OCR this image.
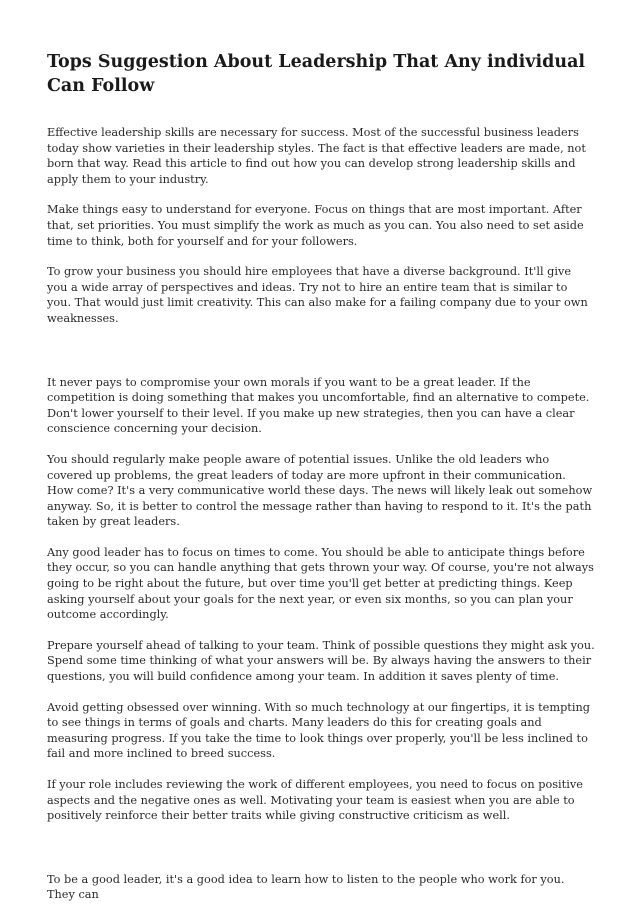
Tops Suggestion About Leadership That Any individual Can Follow

Effective leadership skills are necessary for success. Most of the successful business leaders today show varieties in their leadership styles. The fact is that effective leaders are made, not born that way. Read this article to find out how you can develop strong leadership skills and apply them to your industry.

Make things easy to understand for everyone. Focus on things that are most important. After that, set priorities. You must simplify the work as much as you can. You also need to set aside time to think, both for yourself and for your followers.

To grow your business you should hire employees that have a diverse background. It'll give you a wide array of perspectives and ideas. Try not to hire an entire team that is similar to you. That would just limit creativity. This can also make for a failing company due to your own weaknesses.

It never pays to compromise your own morals if you want to be a great leader. If the competition is doing something that makes you uncomfortable, find an alternative to compete. Don't lower yourself to their level. If you make up new strategies, then you can have a clear conscience concerning your decision.

You should regularly make people aware of potential issues. Unlike the old leaders who covered up problems, the great leaders of today are more upfront in their communication. How come? It's a very communicative world these days. The news will likely leak out somehow anyway. So, it is better to control the message rather than having to respond to it. It's the path taken by great leaders.

Any good leader has to focus on times to come. You should be able to anticipate things before they occur, so you can handle anything that gets thrown your way. Of course, you're not always going to be right about the future, but over time you'll get better at predicting things. Keep asking yourself about your goals for the next year, or even six months, so you can plan your outcome accordingly.

Prepare yourself ahead of talking to your team. Think of possible questions they might ask you. Spend some time thinking of what your answers will be. By always having the answers to their questions, you will build confidence among your team. In addition it saves plenty of time.

Avoid getting obsessed over winning. With so much technology at our fingertips, it is tempting to see things in terms of goals and charts. Many leaders do this for creating goals and measuring progress. If you take the time to look things over properly, you'll be less inclined to fail and more inclined to breed success.

If your role includes reviewing the work of different employees, you need to focus on positive aspects and the negative ones as well. Motivating your team is easiest when you are able to positively reinforce their better traits while giving constructive criticism as well.

To be a good leader, it's a good idea to learn how to listen to the people who work for you. They can
